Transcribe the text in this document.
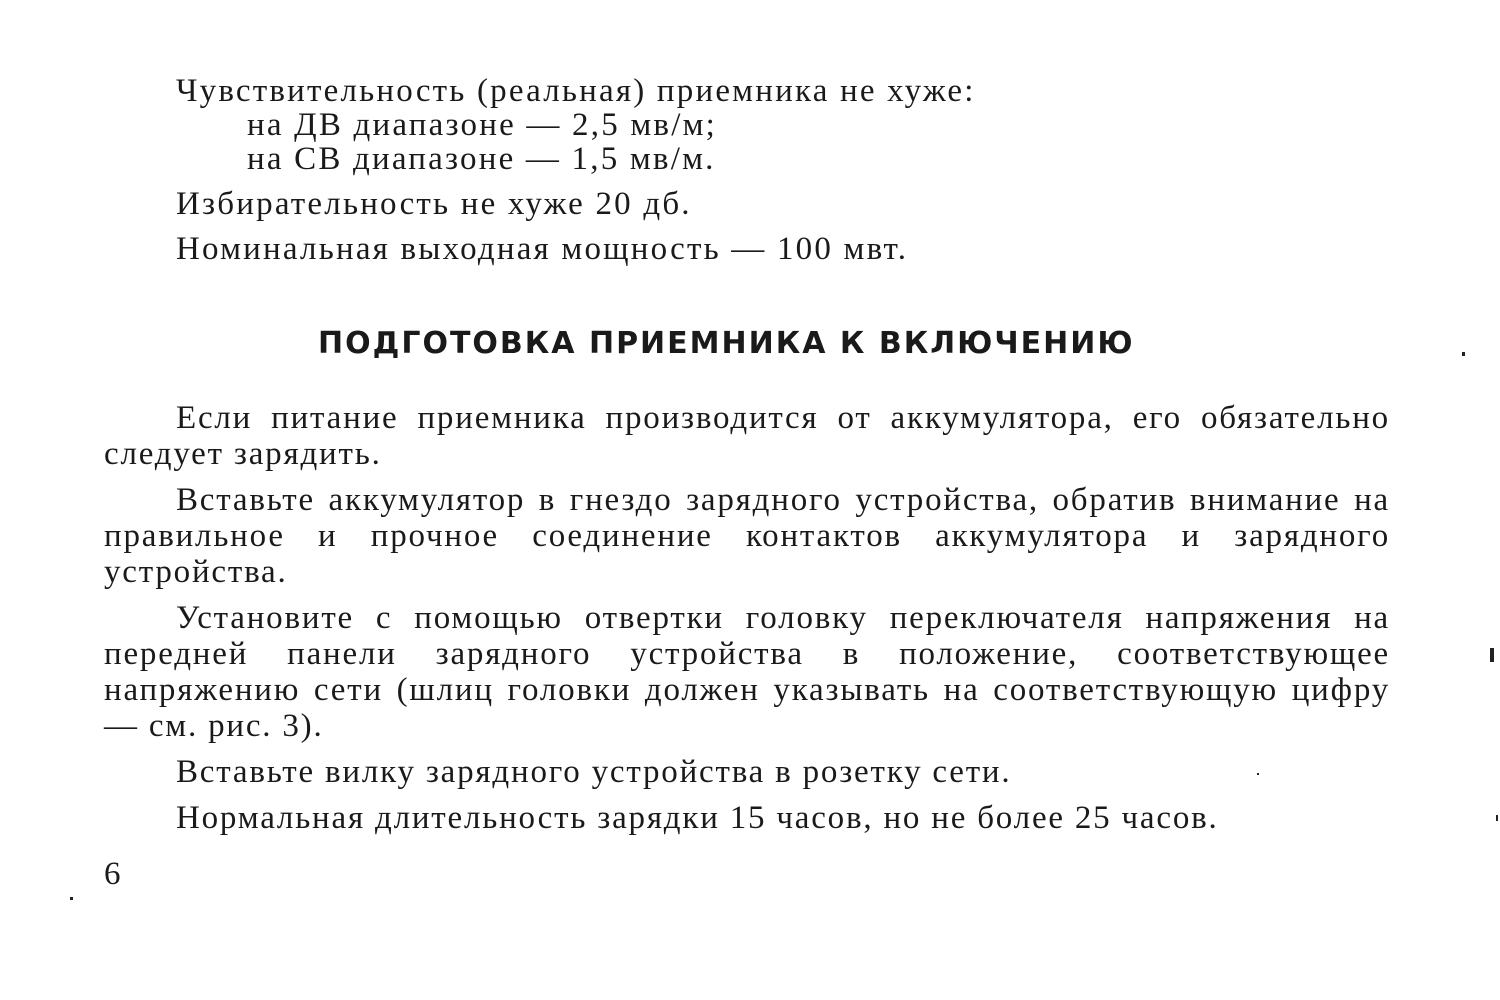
Чувствительность (реальная) приемника не хуже:
на ДВ диапазоне — 2,5 мв/м;
на СВ диапазоне — 1,5 мв/м.
Избирательность не хуже 20 дб.
Номинальная выходная мощность — 100 мвт.
ПОДГОТОВКА ПРИЕМНИКА К ВКЛЮЧЕНИЮ

Если питание приемника производится от аккумулятора, его обязательно следует зарядить.

Вставьте аккумулятор в гнездо зарядного устройства, обратив внимание на правильное и прочное соединение контактов аккумулятора и зарядного устройства.

Установите с помощью отвертки головку переключателя напряжения на передней панели зарядного устройства в положение, соответствующее напряжению сети (шлиц головки должен указывать на соответствующую цифру — см. рис. 3).

Вставьте вилку зарядного устройства в розетку сети.

Нормальная длительность зарядки 15 часов, но не более 25 часов.

6
